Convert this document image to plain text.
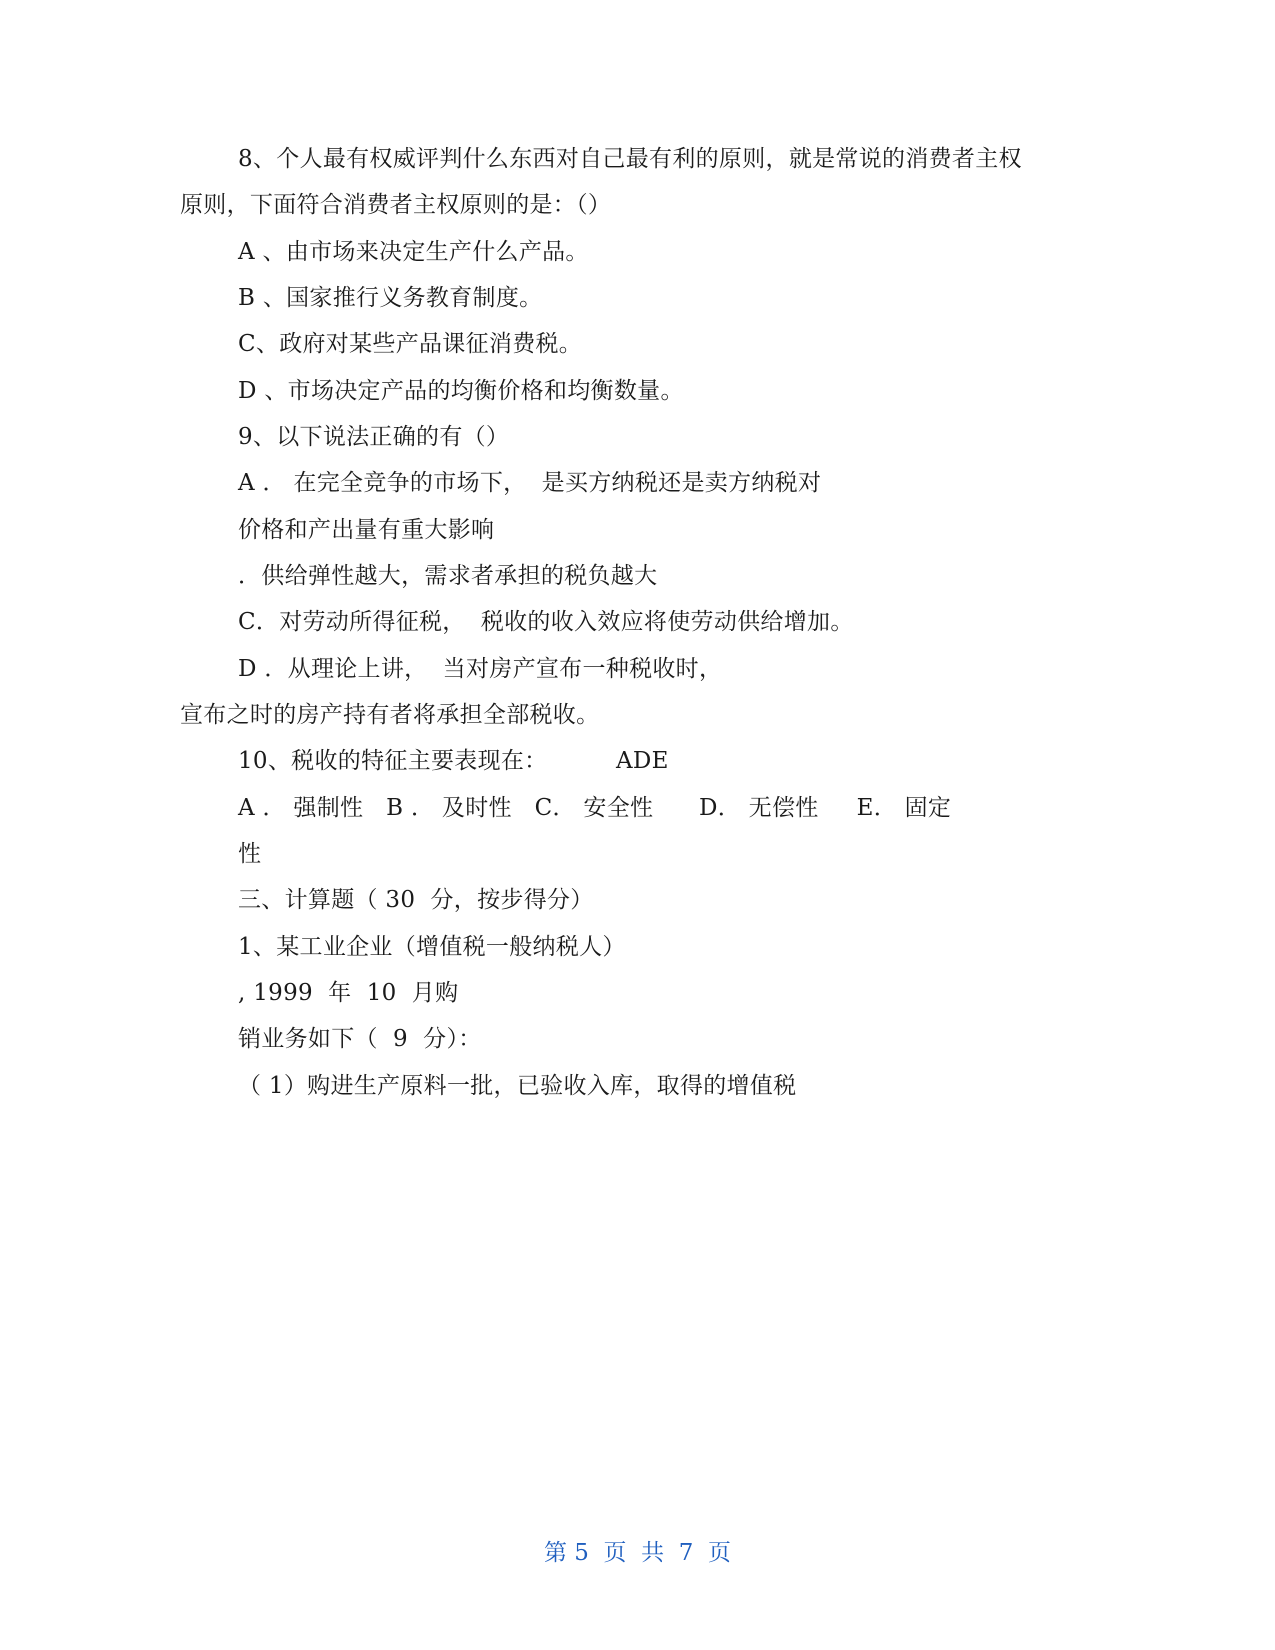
8、个人最有权威评判什么东西对自己最有利的原则，就是常说的消费者主权
原则，下面符合消费者主权原则的是：（）
A 、由市场来决定生产什么产品。
B 、国家推行义务教育制度。
C、政府对某些产品课征消费税。
D 、市场决定产品的均衡价格和均衡数量。
9、以下说法正确的有（）
A ． 在完全竞争的市场下，  是买方纳税还是卖方纳税对
价格和产出量有重大影响
．供给弹性越大，需求者承担的税负越大
C．对劳动所得征税，  税收的收入效应将使劳动供给增加。
D ．从理论上讲，  当对房产宣布一种税收时，
宣布之时的房产持有者将承担全部税收。
10、税收的特征主要表现在：         ADE
A ． 强制性   B ． 及时性   C． 安全性      D． 无偿性     E． 固定
性
三、计算题（ 30  分，按步得分）
1、某工业企业（增值税一般纳税人）
, 1999  年  10  月购
销业务如下（  9  分）：
（ 1）购进生产原料一批，已验收入库，取得的增值税
第 5  页  共  7  页
